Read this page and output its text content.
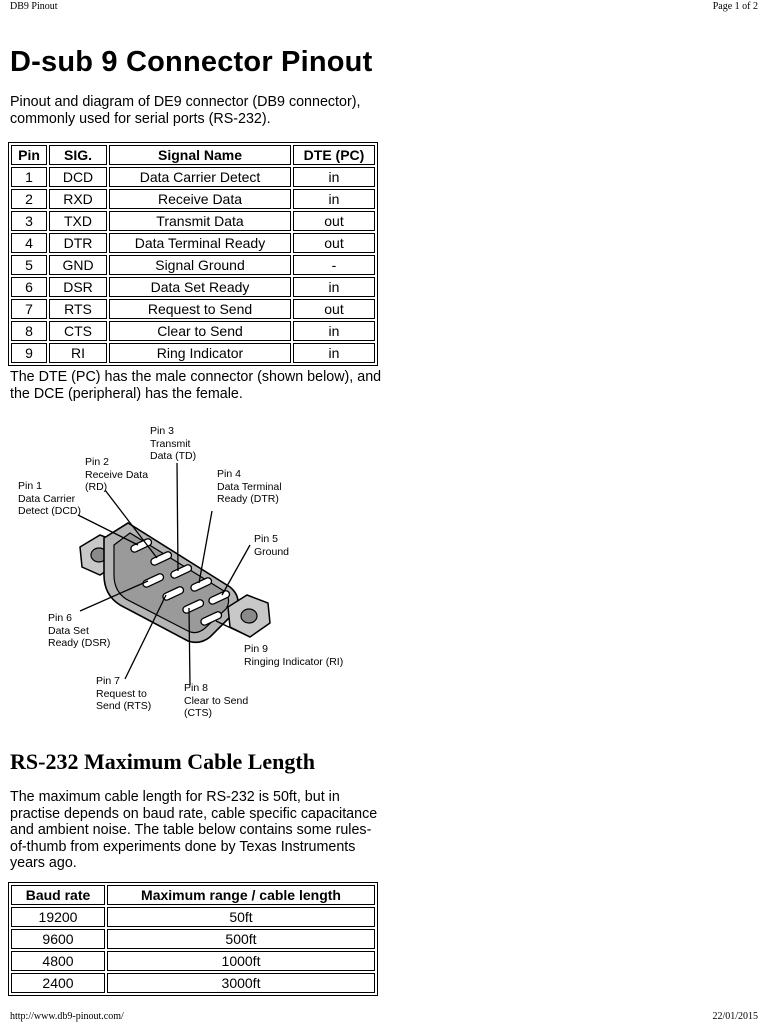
DB9 Pinout	Page 1 of 2
D-sub 9 Connector Pinout

Pinout and diagram of DE9 connector (DB9 connector), commonly used for serial ports (RS-232).

Pin	SIG.	Signal Name	DTE (PC)
1	DCD	Data Carrier Detect	in
2	RXD	Receive Data	in
3	TXD	Transmit Data	out
4	DTR	Data Terminal Ready	out
5	GND	Signal Ground	-
6	DSR	Data Set Ready	in
7	RTS	Request to Send	out
8	CTS	Clear to Send	in
9	RI	Ring Indicator	in

The DTE (PC) has the male connector (shown below), and the DCE (peripheral) has the female.

Pin 1
Data Carrier
Detect (DCD)
Pin 2
Receive Data
(RD)
Pin 3
Transmit
Data (TD)
Pin 4
Data Terminal
Ready (DTR)
Pin 5
Ground
Pin 6
Data Set
Ready (DSR)
Pin 7
Request to
Send (RTS)
Pin 8
Clear to Send
(CTS)
Pin 9
Ringing Indicator (RI)
RS-232 Maximum Cable Length

The maximum cable length for RS-232 is 50ft, but in practise depends on baud rate, cable specific capacitance and ambient noise. The table below contains some rules-of-thumb from experiments done by Texas Instruments years ago.

Baud rate	Maximum range / cable length
19200	50ft
9600	500ft
4800	1000ft
2400	3000ft
http://www.db9-pinout.com/	22/01/2015
